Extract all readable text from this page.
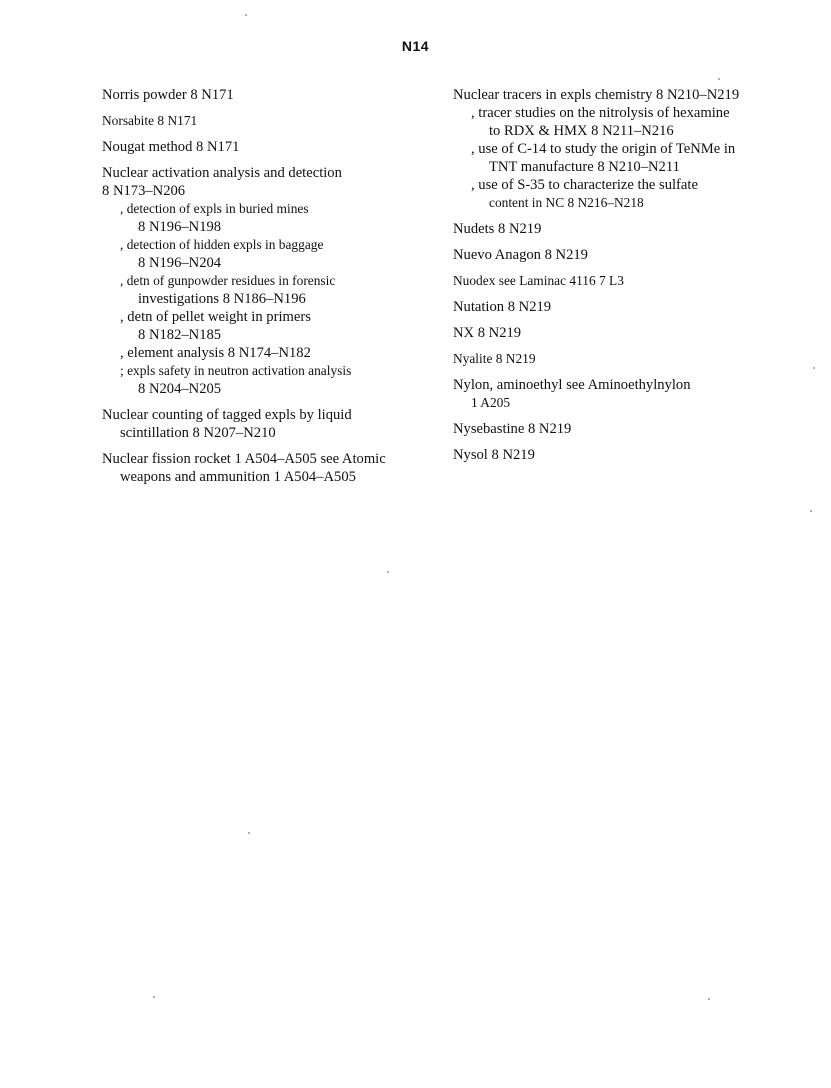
N14
Norris powder 8 N171
Norsabite 8 N171
Nougat method 8 N171
Nuclear activation analysis and detection
8 N173–N206
, detection of expls in buried mines
8 N196–N198
, detection of hidden expls in baggage
8 N196–N204
, detn of gunpowder residues in forensic
investigations 8 N186–N196
, detn of pellet weight in primers
8 N182–N185
, element analysis 8 N174–N182
; expls safety in neutron activation analysis
8 N204–N205
Nuclear counting of tagged expls by liquid
scintillation 8 N207–N210
Nuclear fission rocket 1 A504–A505 see Atomic
weapons and ammunition 1 A504–A505
Nuclear tracers in expls chemistry 8 N210–N219
, tracer studies on the nitrolysis of hexamine
to RDX & HMX 8 N211–N216
, use of C-14 to study the origin of TeNMe in
TNT manufacture 8 N210–N211
, use of S-35 to characterize the sulfate
content in NC 8 N216–N218
Nudets 8 N219
Nuevo Anagon 8 N219
Nuodex see Laminac 4116 7 L3
Nutation 8 N219
NX 8 N219
Nyalite 8 N219
Nylon, aminoethyl see Aminoethylnylon
1 A205
Nysebastine 8 N219
Nysol 8 N219
